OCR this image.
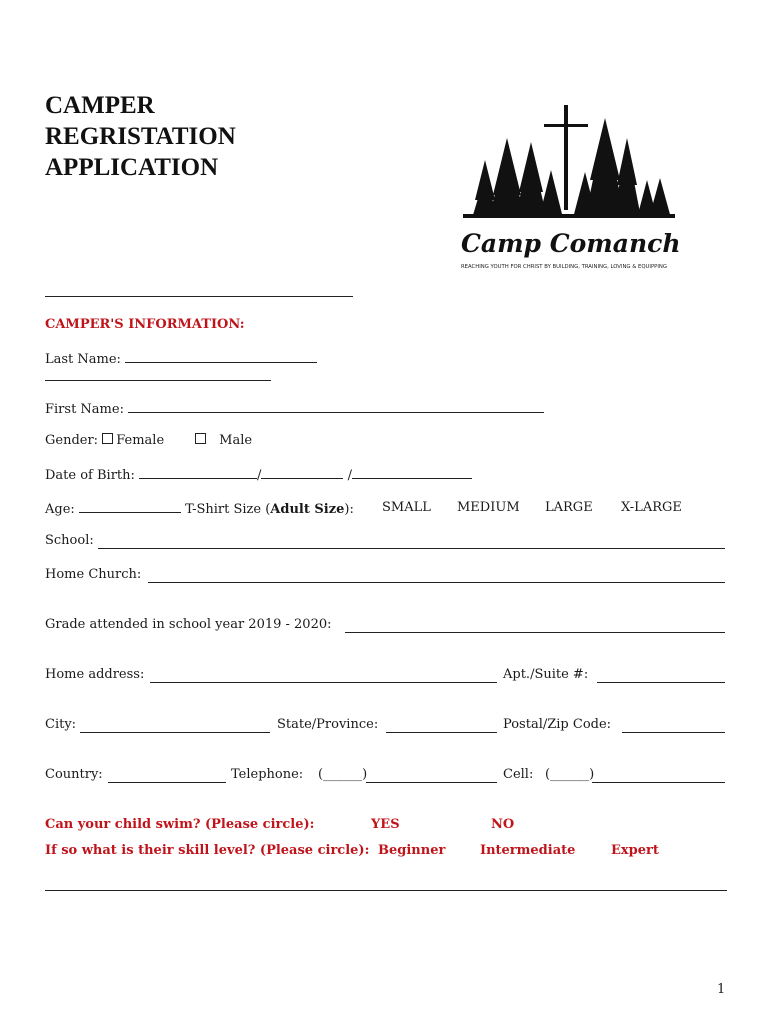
CAMPER
REGRISTATION
APPLICATION
Camp Comanche
REACHING YOUTH FOR CHRIST BY BUILDING, TRAINING, LOVING & EQUIPPING
CAMPER'S INFORMATION:
Last Name:
First Name:
Gender: Female	Male
Date of Birth:	/	/
Age:	T-Shirt Size (Adult Size): SMALL MEDIUM LARGE X-LARGE
School:
Home Church:
Grade attended in school year 2019 - 2020:
Home address:	Apt./Suite #:
City:	State/Province:	Postal/Zip Code:
Country:	Telephone: (______)	Cell: (______)
Can your child swim? (Please circle):	YES	NO
If so what is their skill level? (Please circle): Beginner	Intermediate	Expert
1
